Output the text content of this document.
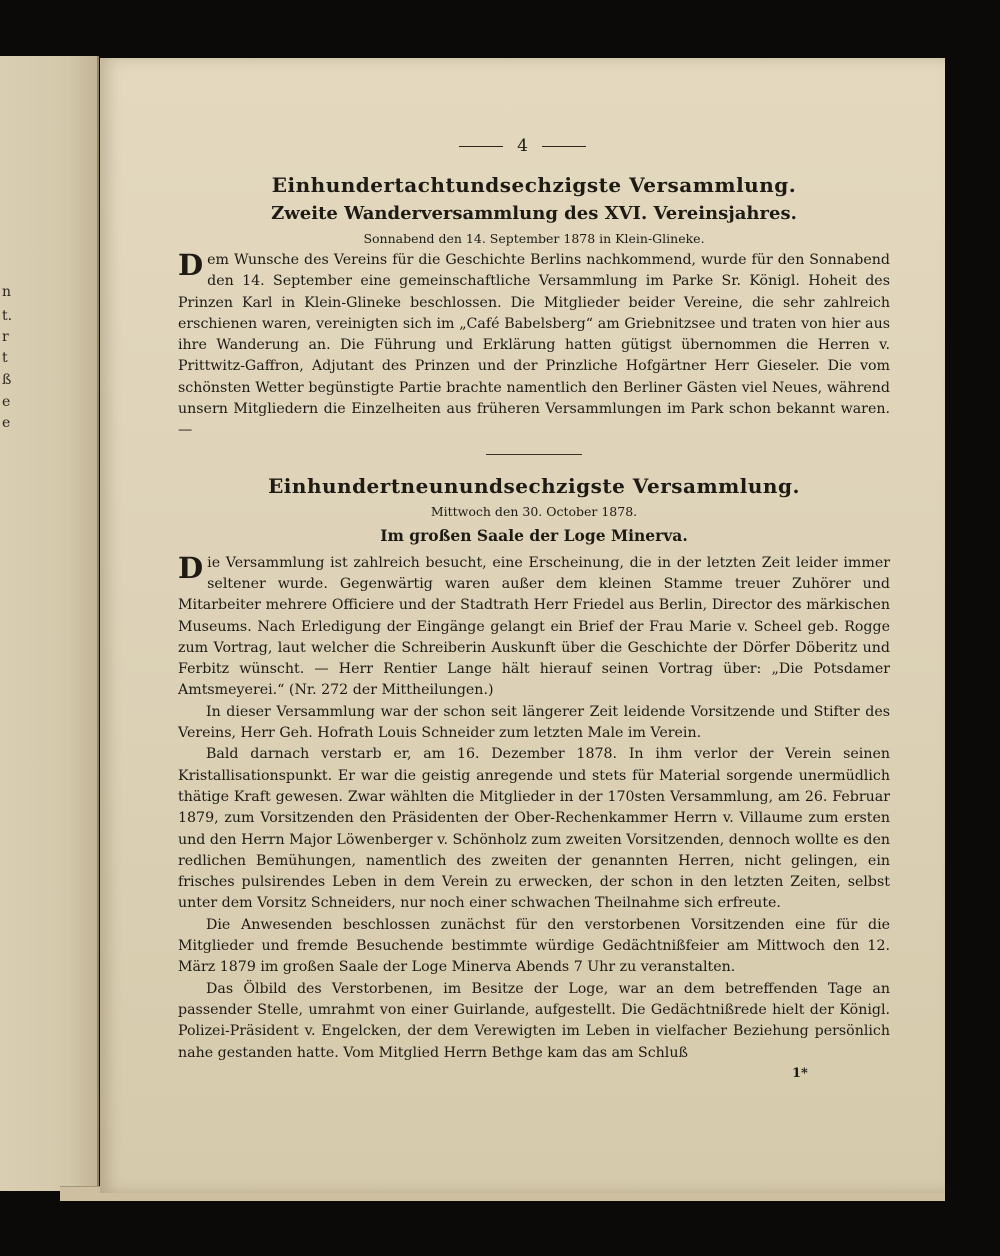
n
t.
r
t
ß
e
e
4
Einhundertachtundsechzigste Versammlung.
Zweite Wanderversammlung des XVI. Vereinsjahres.
Sonnabend den 14. September 1878 in Klein-Glineke.

Dem Wunsche des Vereins für die Geschichte Berlins nachkommend, wurde für den Sonnabend den 14. September eine gemeinschaftliche Versammlung im Parke Sr. Königl. Hoheit des Prinzen Karl in Klein-Glineke beschlossen. Die Mitglieder beider Vereine, die sehr zahlreich erschienen waren, vereinigten sich im „Café Babelsberg“ am Griebnitzsee und traten von hier aus ihre Wanderung an. Die Führung und Erklärung hatten gütigst übernommen die Herren v. Prittwitz-Gaffron, Adjutant des Prinzen und der Prinzliche Hofgärtner Herr Gieseler. Die vom schönsten Wetter begünstigte Partie brachte namentlich den Berliner Gästen viel Neues, während unsern Mitgliedern die Einzelheiten aus früheren Versammlungen im Park schon bekannt waren. —

Einhundertneunundsechzigste Versammlung.
Mittwoch den 30. October 1878.
Im großen Saale der Loge Minerva.

Die Versammlung ist zahlreich besucht, eine Erscheinung, die in der letzten Zeit leider immer seltener wurde. Gegenwärtig waren außer dem kleinen Stamme treuer Zuhörer und Mitarbeiter mehrere Officiere und der Stadtrath Herr Friedel aus Berlin, Director des märkischen Museums. Nach Erledigung der Eingänge gelangt ein Brief der Frau Marie v. Scheel geb. Rogge zum Vortrag, laut welcher die Schreiberin Auskunft über die Geschichte der Dörfer Döberitz und Ferbitz wünscht. — Herr Rentier Lange hält hierauf seinen Vortrag über: „Die Potsdamer Amtsmeyerei.“ (Nr. 272 der Mittheilungen.)

In dieser Versammlung war der schon seit längerer Zeit leidende Vorsitzende und Stifter des Vereins, Herr Geh. Hofrath Louis Schneider zum letzten Male im Verein.

Bald darnach verstarb er, am 16. Dezember 1878. In ihm verlor der Verein seinen Kristallisationspunkt. Er war die geistig anregende und stets für Material sorgende unermüdlich thätige Kraft gewesen. Zwar wählten die Mitglieder in der 170sten Versammlung, am 26. Februar 1879, zum Vorsitzenden den Präsidenten der Ober-Rechenkammer Herrn v. Villaume zum ersten und den Herrn Major Löwenberger v. Schönholz zum zweiten Vorsitzenden, dennoch wollte es den redlichen Bemühungen, namentlich des zweiten der genannten Herren, nicht gelingen, ein frisches pulsirendes Leben in dem Verein zu erwecken, der schon in den letzten Zeiten, selbst unter dem Vorsitz Schneiders, nur noch einer schwachen Theilnahme sich erfreute.

Die Anwesenden beschlossen zunächst für den verstorbenen Vorsitzenden eine für die Mitglieder und fremde Besuchende bestimmte würdige Gedächtnißfeier am Mittwoch den 12. März 1879 im großen Saale der Loge Minerva Abends 7 Uhr zu veranstalten.

Das Ölbild des Verstorbenen, im Besitze der Loge, war an dem betreffenden Tage an passender Stelle, umrahmt von einer Guirlande, aufgestellt. Die Gedächtnißrede hielt der Königl. Polizei-Präsident v. Engelcken, der dem Verewigten im Leben in vielfacher Beziehung persönlich nahe gestanden hatte. Vom Mitglied Herrn Bethge kam das am Schluß

1*
